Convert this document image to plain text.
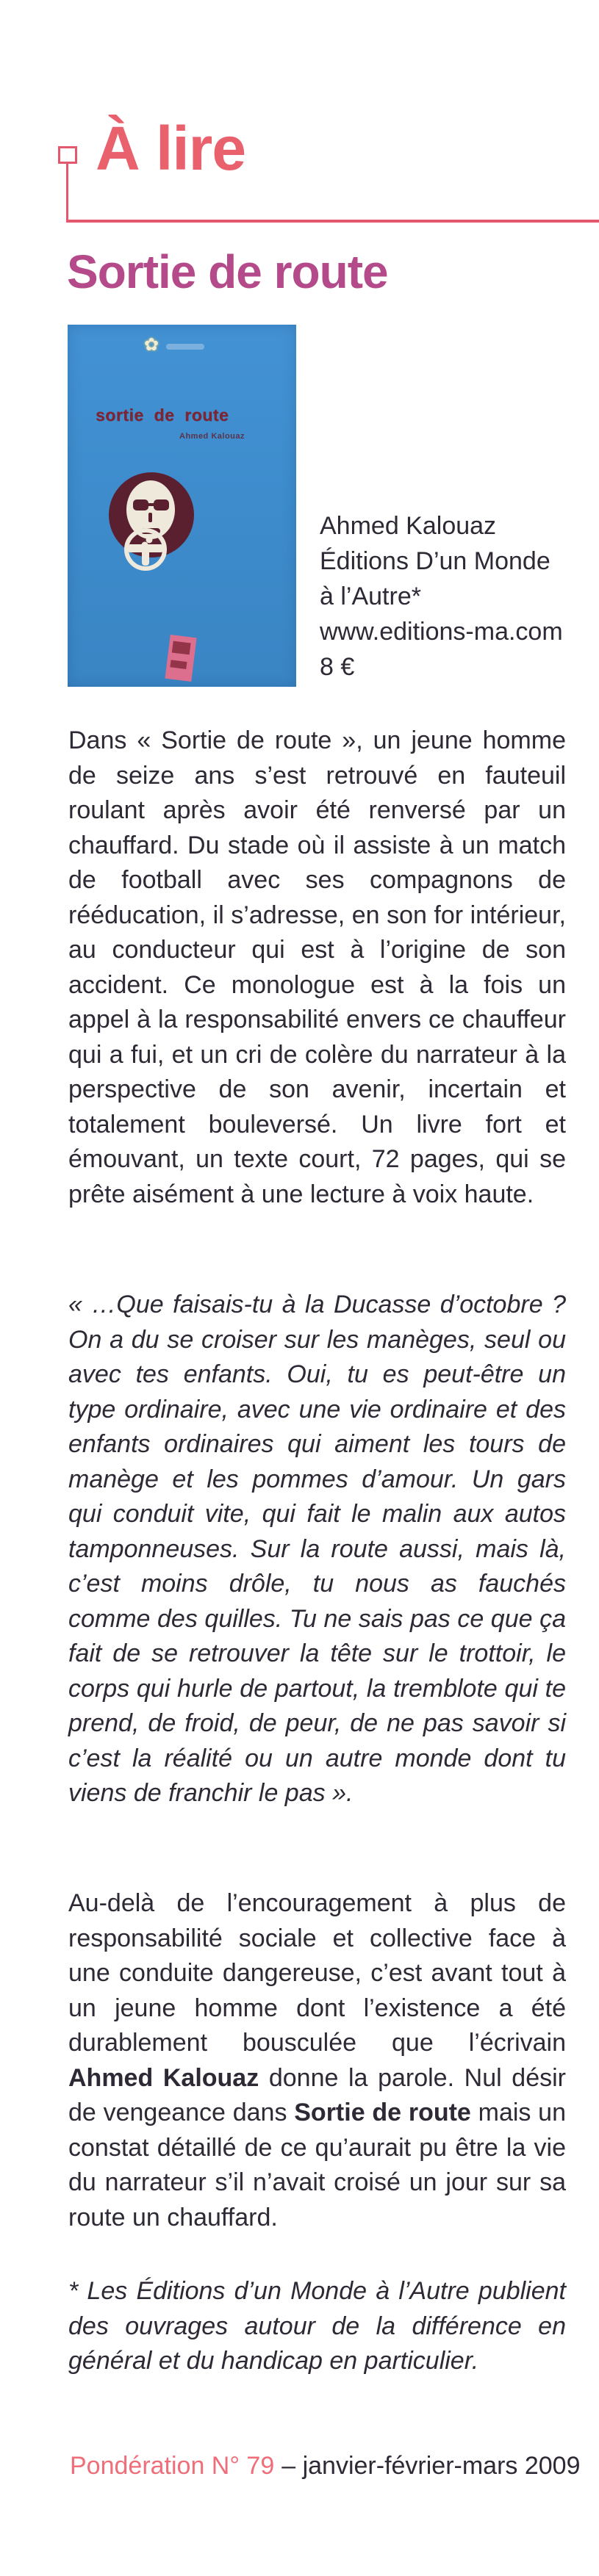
À lire
Sortie de route
✿
sortie de route
Ahmed Kalouaz
Ahmed Kalouaz
Éditions D’un Monde
à l’Autre*
www.editions-ma.com
8 €

Dans « Sortie de route », un jeune homme de seize ans s’est retrouvé en fauteuil roulant après avoir été renversé par un chauffard. Du stade où il assiste à un match de football avec ses compagnons de rééducation, il s’adresse, en son for intérieur, au conducteur qui est à l’origine de son accident. Ce monologue est à la fois un appel à la responsabilité envers ce chauffeur qui a fui, et un cri de colère du narrateur à la perspective de son avenir, incertain et totalement bouleversé. Un livre fort et émouvant, un texte court, 72 pages, qui se prête aisément à une lecture à voix haute.

« …Que faisais-tu à la Ducasse d’octobre ? On a du se croiser sur les manèges, seul ou avec tes enfants. Oui, tu es peut-être un type ordinaire, avec une vie ordinaire et des enfants ordinaires qui aiment les tours de manège et les pommes d’amour. Un gars qui conduit vite, qui fait le malin aux autos tamponneuses. Sur la route aussi, mais là, c’est moins drôle, tu nous as fauchés comme des quilles. Tu ne sais pas ce que ça fait de se retrouver la tête sur le trottoir, le corps qui hurle de partout, la tremblote qui te prend, de froid, de peur, de ne pas savoir si c’est la réalité ou un autre monde dont tu viens de franchir le pas ».

Au-delà de l’encouragement à plus de responsabilité sociale et collective face à une conduite dangereuse, c’est avant tout à un jeune homme dont l’existence a été durablement bousculée que l’écrivain Ahmed Kalouaz donne la parole. Nul désir de vengeance dans Sortie de route mais un constat détaillé de ce qu’aurait pu être la vie du narrateur s’il n’avait croisé un jour sur sa route un chauffard.

* Les Éditions d’un Monde à l’Autre publient des ouvrages autour de la différence en général et du handicap en particulier.

Pondération N° 79 – janvier-février-mars 2009
